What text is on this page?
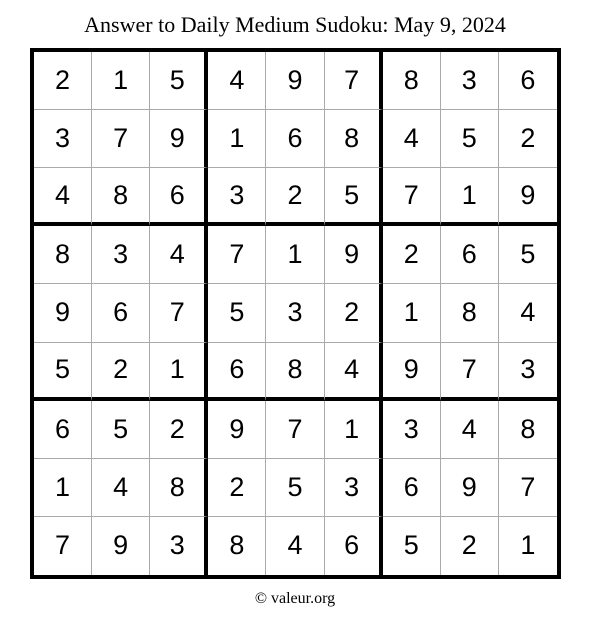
Answer to Daily Medium Sudoku: May 9, 2024
2	1	5	4	9	7	8	3	6
3	7	9	1	6	8	4	5	2
4	8	6	3	2	5	7	1	9
8	3	4	7	1	9	2	6	5
9	6	7	5	3	2	1	8	4
5	2	1	6	8	4	9	7	3
6	5	2	9	7	1	3	4	8
1	4	8	2	5	3	6	9	7
7	9	3	8	4	6	5	2	1
© valeur.org
